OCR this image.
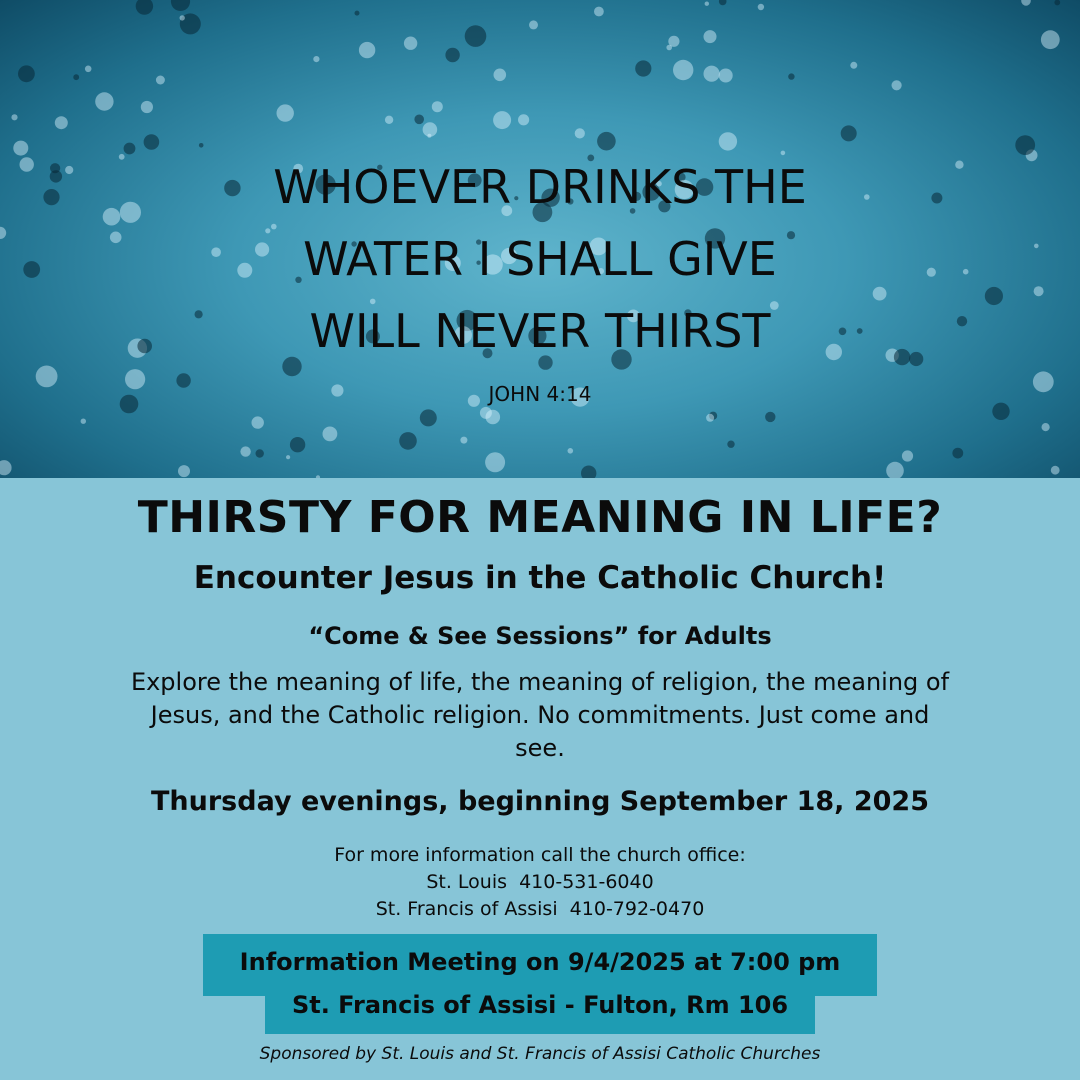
WHOEVER DRINKS THE
WATER I SHALL GIVE
WILL NEVER THIRST
JOHN 4:14
THIRSTY FOR MEANING IN LIFE?
Encounter Jesus in the Catholic Church!
“Come & See Sessions” for Adults
Explore the meaning of life, the meaning of religion, the meaning of Jesus, and the Catholic religion. No commitments. Just come and see.
Thursday evenings, beginning September 18, 2025
For more information call the church office:
St. Louis  410-531-6040
St. Francis of Assisi  410-792-0470
Information Meeting on 9/4/2025 at 7:00 pm
St. Francis of Assisi - Fulton, Rm 106
Sponsored by St. Louis and St. Francis of Assisi Catholic Churches
